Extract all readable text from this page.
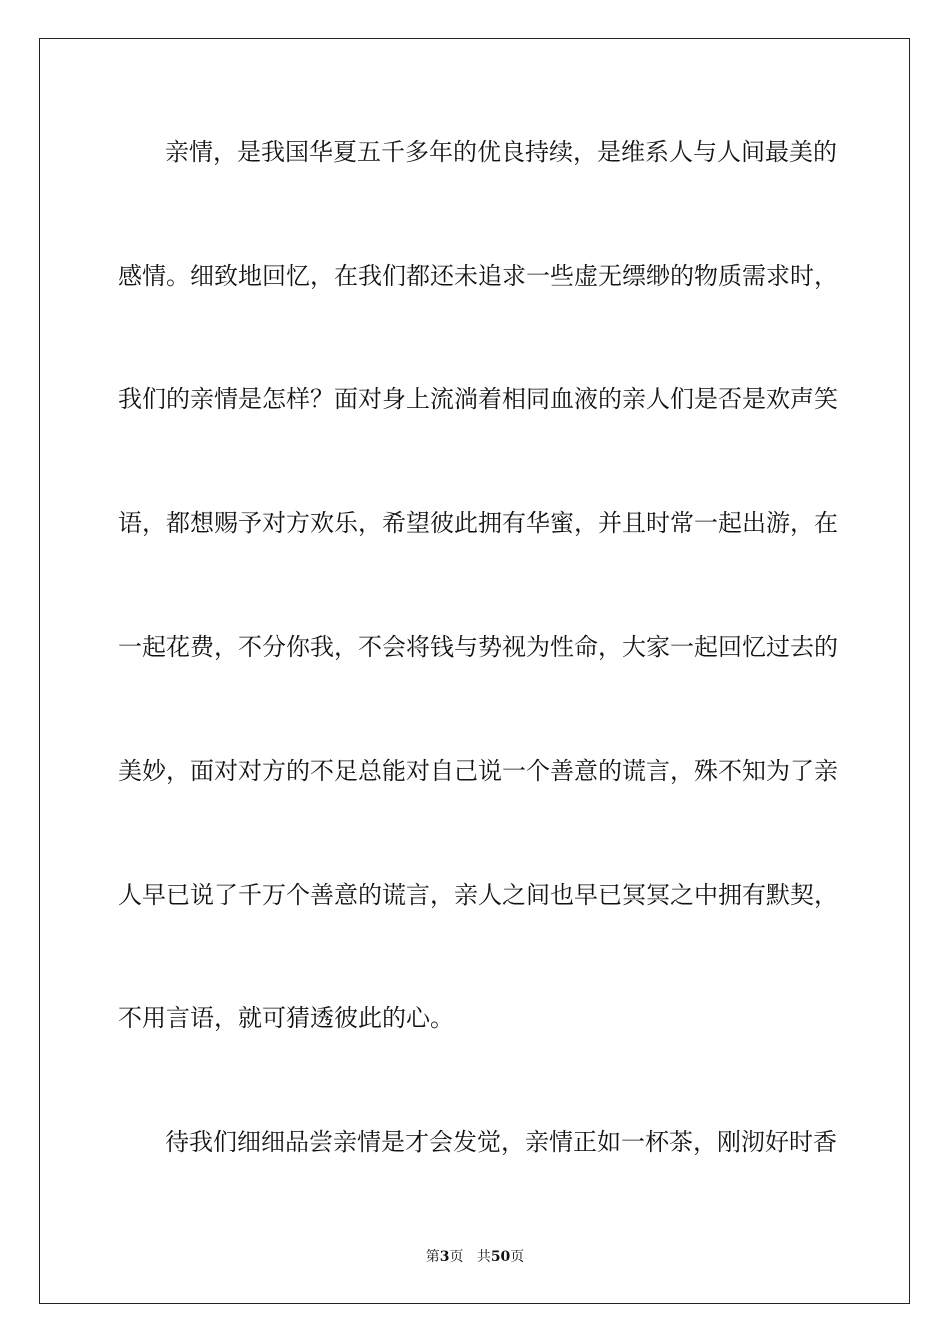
亲情，是我国华夏五千多年的优良持续，是维系人与人间最美的

感情。细致地回忆，在我们都还未追求一些虚无缥缈的物质需求时，

我们的亲情是怎样？面对身上流淌着相同血液的亲人们是否是欢声笑

语，都想赐予对方欢乐，希望彼此拥有华蜜，并且时常一起出游，在

一起花费，不分你我，不会将钱与势视为性命，大家一起回忆过去的

美妙，面对对方的不足总能对自己说一个善意的谎言，殊不知为了亲

人早已说了千万个善意的谎言，亲人之间也早已冥冥之中拥有默契，

不用言语，就可猜透彼此的心。

待我们细细品尝亲情是才会发觉，亲情正如一杯茶，刚沏好时香

第3页 共50页
